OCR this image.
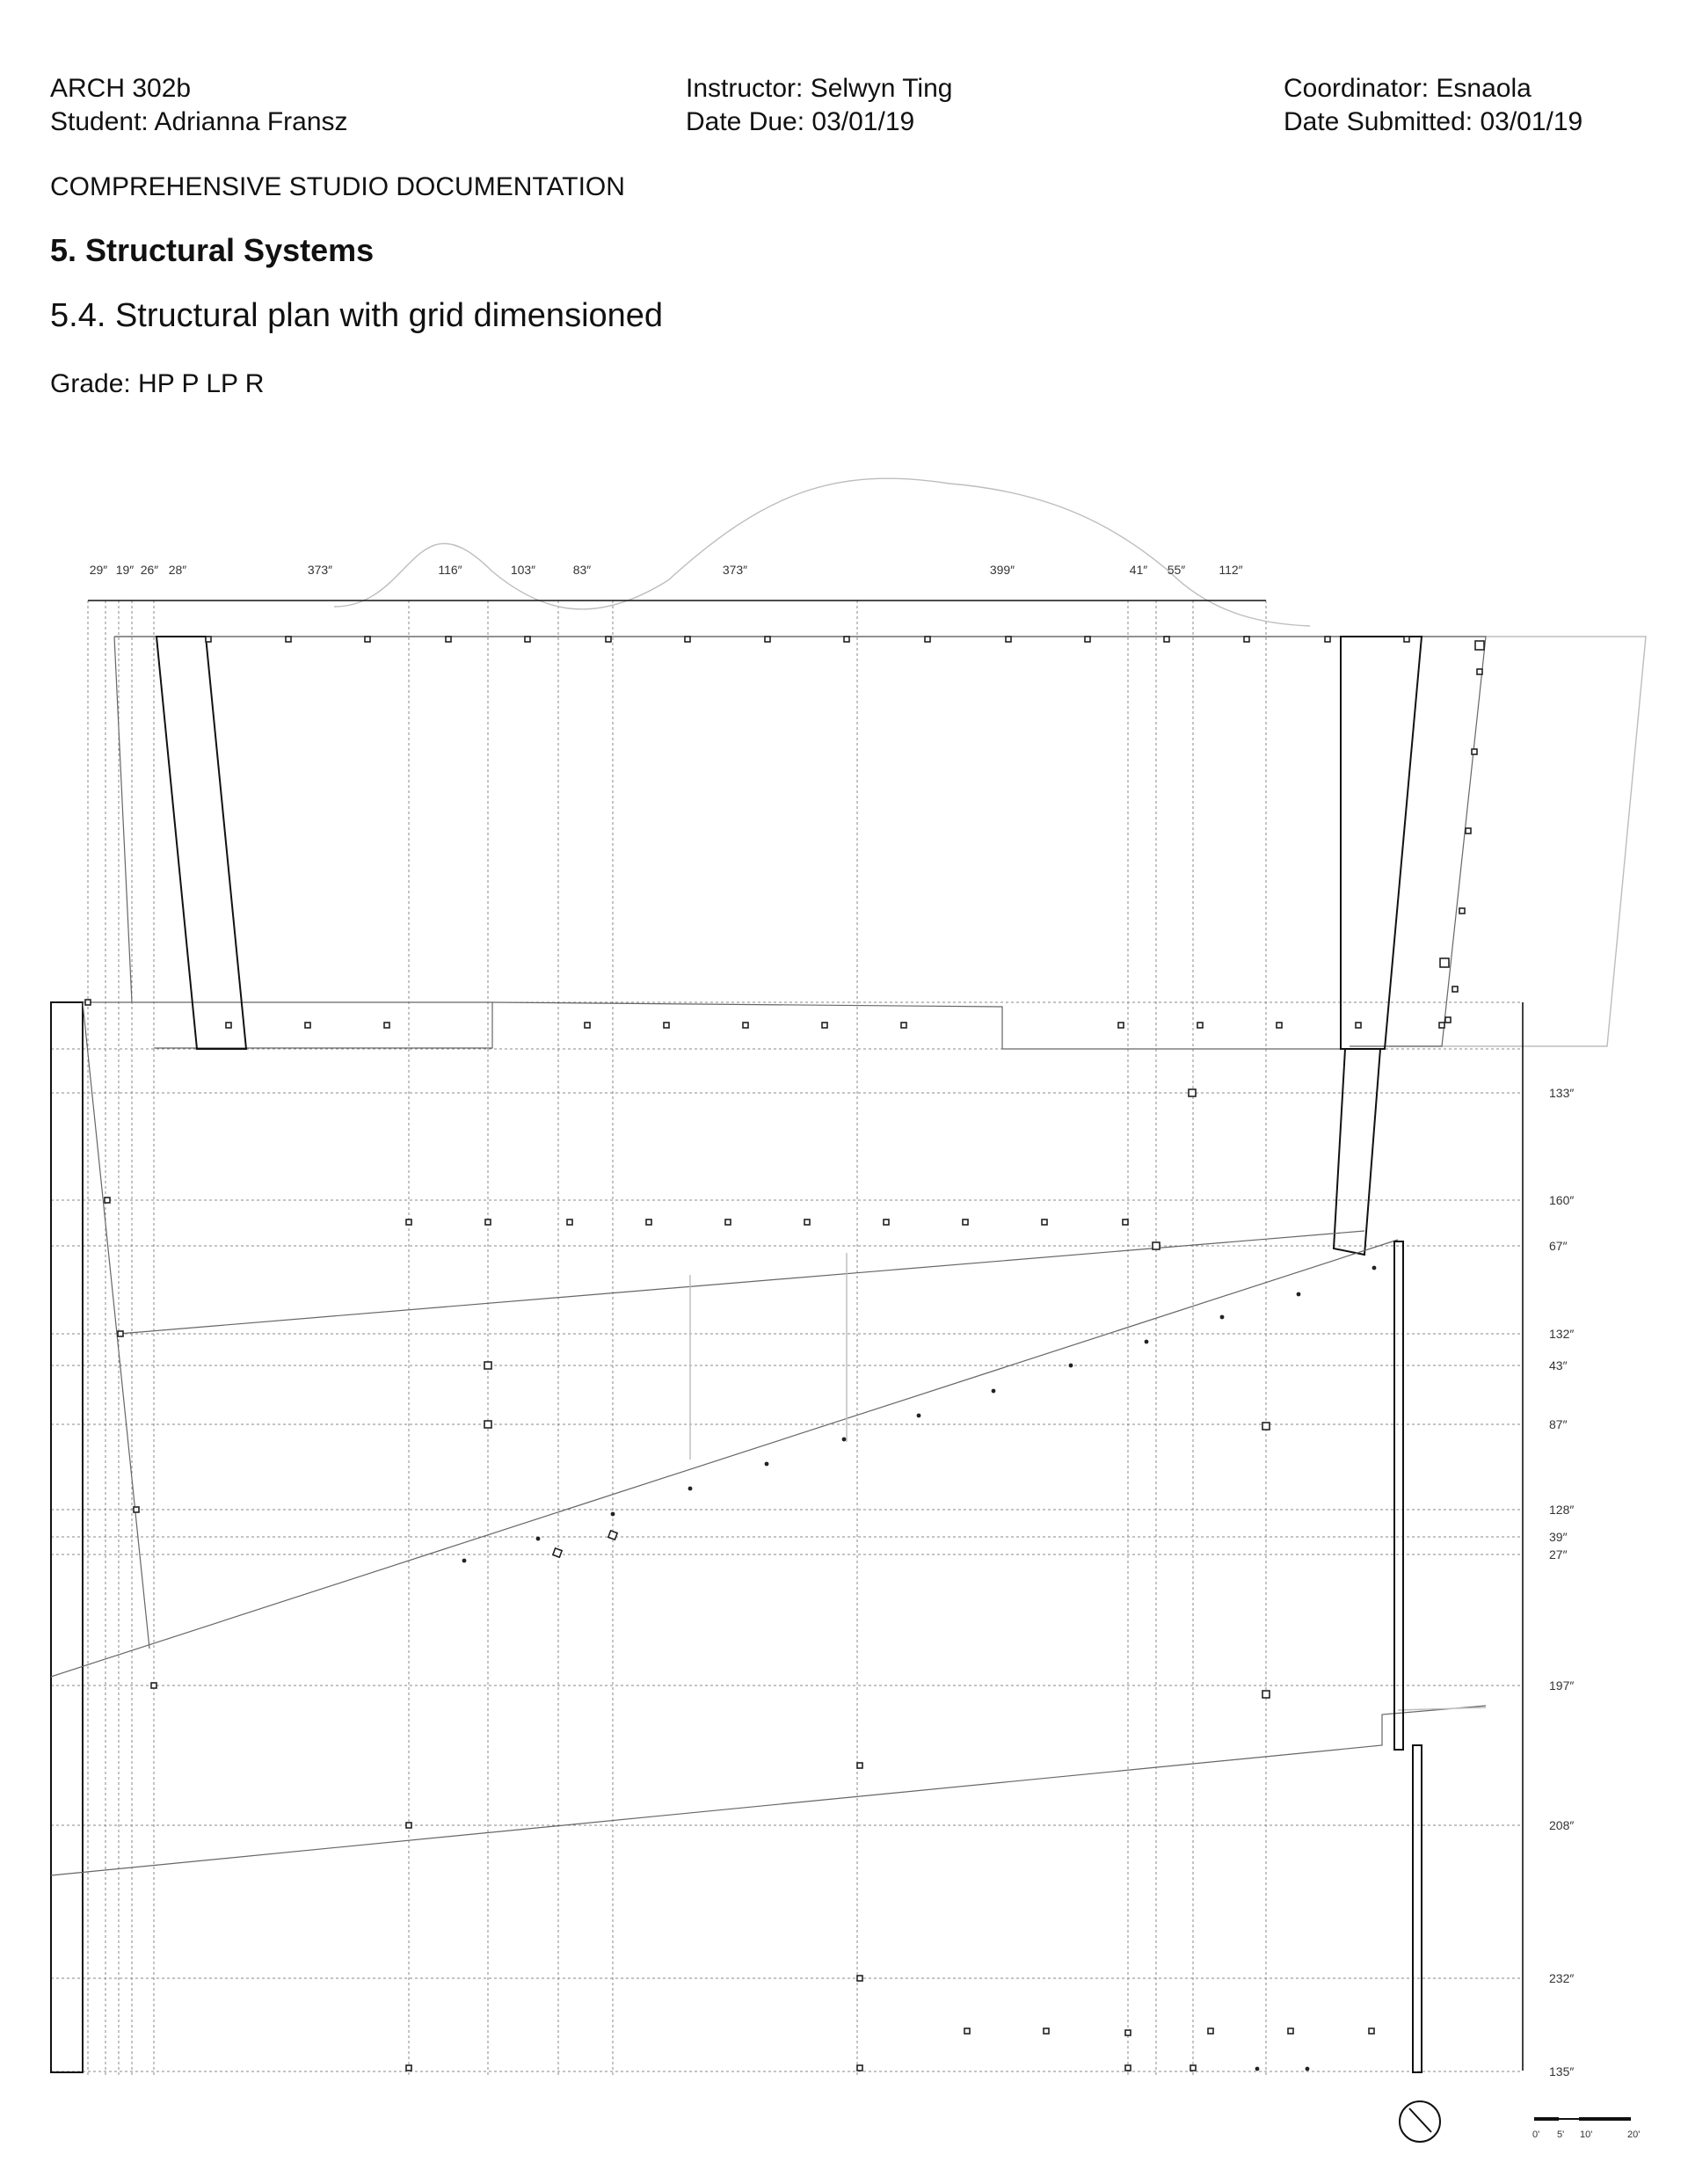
ARCH 302b
Student: Adrianna Fransz
Instructor: Selwyn Ting
Date Due: 03/01/19
Coordinator: Esnaola
Date Submitted: 03/01/19
COMPREHENSIVE STUDIO DOCUMENTATION
5. Structural Systems
5.4. Structural plan with grid dimensioned
Grade: HP P LP R
29″ 19″ 26″ 28″	373″	116″	103″	83″	373″	399″	41″ 55″	112″
133″
160″
67″
132″
43″
87″
128″
39″
27″
197″
208″
232″
135″
0' 5' 10'	20'
